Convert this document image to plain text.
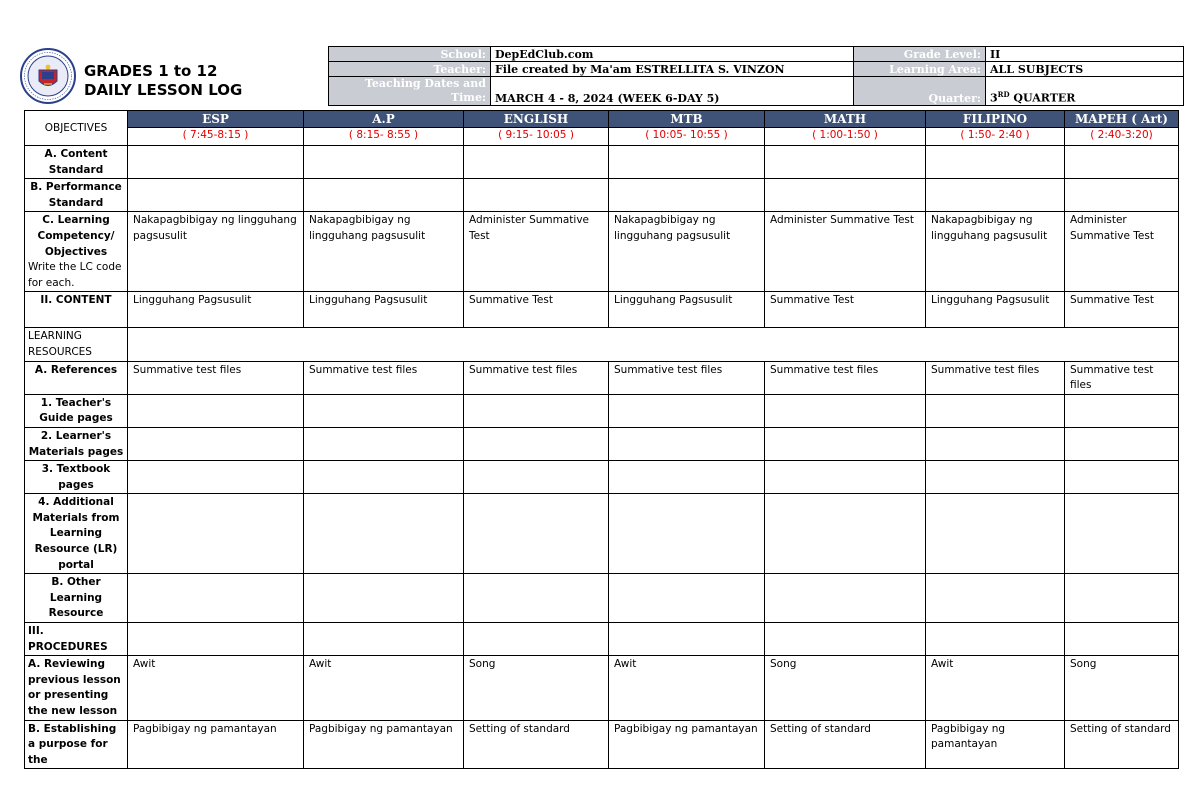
GRADES 1 to 12
DAILY LESSON LOG
School:	DepEdClub.com	Grade Level:	II
Teacher:	File created by Ma'am ESTRELLITA S. VINZON	Learning Area:	ALL SUBJECTS
Teaching Dates and Time:	MARCH 4 - 8, 2024 (WEEK 6-DAY 5)	Quarter:	3RD QUARTER
OBJECTIVES	ESP	A.P	ENGLISH	MTB	MATH	FILIPINO	MAPEH ( Art)
	( 7:45-8:15 )	( 8:15- 8:55 )	( 9:15- 10:05 )	( 10:05- 10:55 )	( 1:00-1:50 )	( 1:50- 2:40 )	( 2:40-3:20)
A. Content Standard							
B. Performance Standard							
C. Learning Competency/ Objectives
Write the LC code for each.	Nakapagbibigay ng lingguhang pagsusulit	Nakapagbibigay ng lingguhang pagsusulit	Administer Summative Test	Nakapagbibigay ng lingguhang pagsusulit	Administer Summative Test	Nakapagbibigay ng lingguhang pagsusulit	Administer Summative Test
II. CONTENT	Lingguhang Pagsusulit	Lingguhang Pagsusulit	Summative Test	Lingguhang Pagsusulit	Summative Test	Lingguhang Pagsusulit	Summative Test
LEARNING RESOURCES							
A. References	Summative test files	Summative test files	Summative test files	Summative test files	Summative test files	Summative test files	Summative test files
1. Teacher's Guide pages							
2. Learner's Materials pages							
3. Textbook pages							
4. Additional Materials from Learning Resource (LR) portal							
B. Other Learning Resource							
III. PROCEDURES							
A. Reviewing previous lesson or presenting the new lesson	Awit	Awit	Song	Awit	Song	Awit	Song
B. Establishing a purpose for the	Pagbibigay ng pamantayan	Pagbibigay ng pamantayan	Setting of standard	Pagbibigay ng pamantayan	Setting of standard	Pagbibigay ng pamantayan	Setting of standard
